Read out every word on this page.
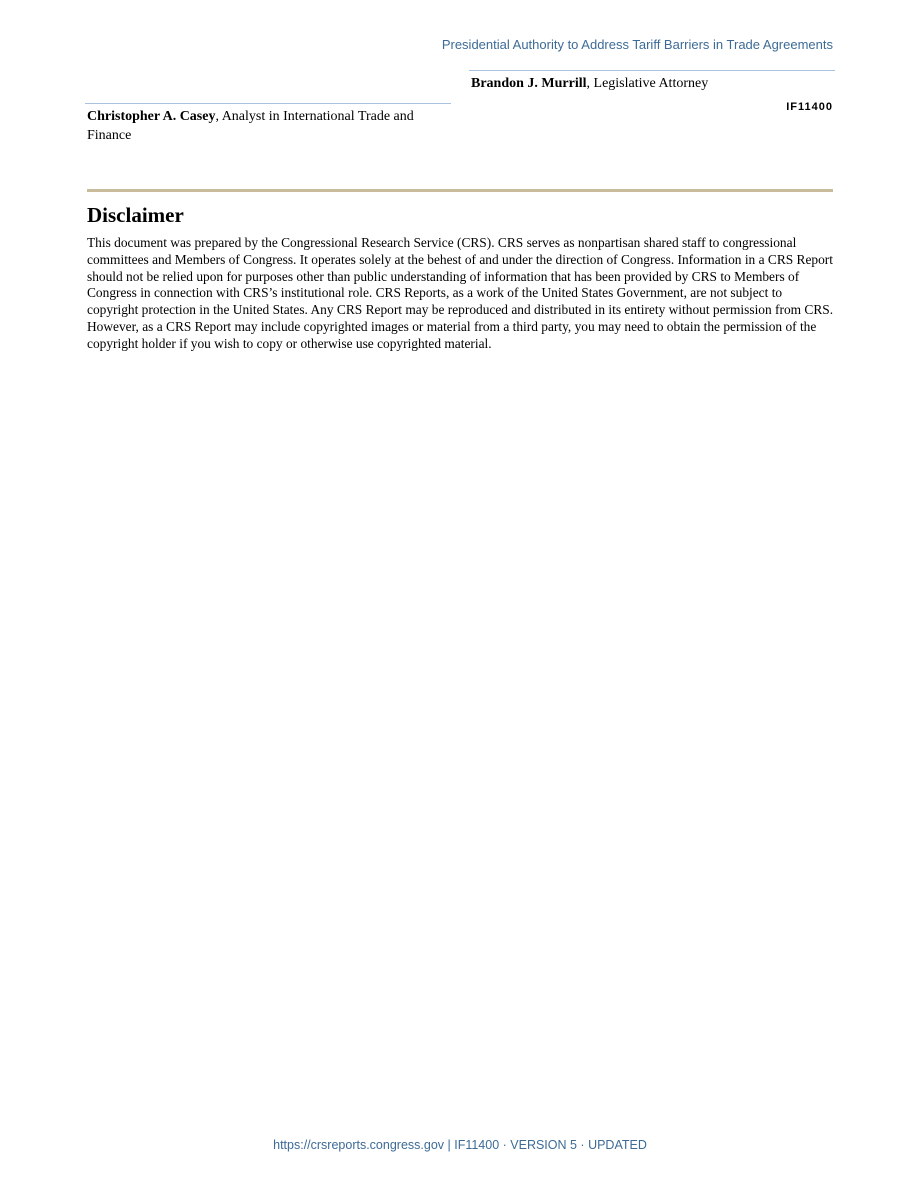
Presidential Authority to Address Tariff Barriers in Trade Agreements
Brandon J. Murrill, Legislative Attorney
IF11400
Christopher A. Casey, Analyst in International Trade and Finance
Disclaimer

This document was prepared by the Congressional Research Service (CRS). CRS serves as nonpartisan shared staff to congressional committees and Members of Congress. It operates solely at the behest of and under the direction of Congress. Information in a CRS Report should not be relied upon for purposes other than public understanding of information that has been provided by CRS to Members of Congress in connection with CRS’s institutional role. CRS Reports, as a work of the United States Government, are not subject to copyright protection in the United States. Any CRS Report may be reproduced and distributed in its entirety without permission from CRS. However, as a CRS Report may include copyrighted images or material from a third party, you may need to obtain the permission of the copyright holder if you wish to copy or otherwise use copyrighted material.

https://crsreports.congress.gov | IF11400 · VERSION 5 · UPDATED
